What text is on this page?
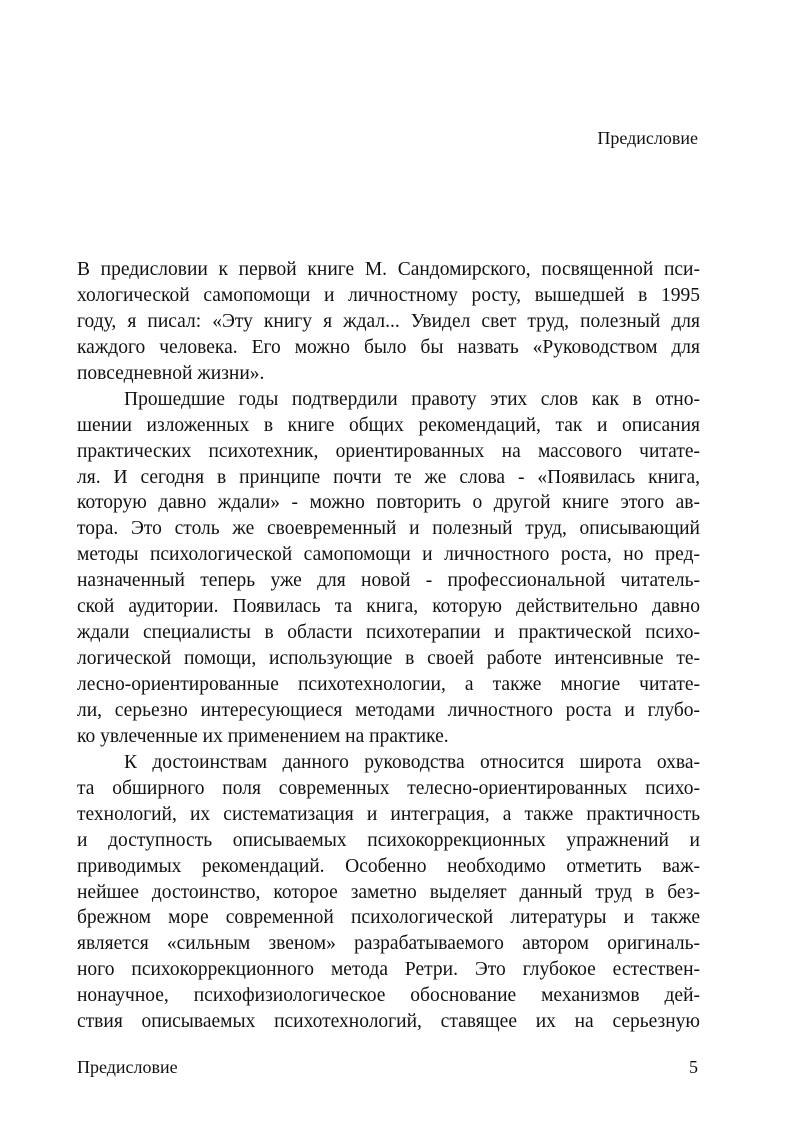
Предисловие
В предисловии к первой книге М. Сандомирского, посвященной пси-
хологической самопомощи и личностному росту, вышедшей в 1995
году, я писал: «Эту книгу я ждал... Увидел свет труд, полезный для
каждого человека. Его можно было бы назвать «Руководством для
повседневной жизни».
Прошедшие годы подтвердили правоту этих слов как в отно-
шении изложенных в книге общих рекомендаций, так и описания
практических психотехник, ориентированных на массового читате-
ля. И сегодня в принципе почти те же слова - «Появилась книга,
которую давно ждали» - можно повторить о другой книге этого ав-
тора. Это столь же своевременный и полезный труд, описывающий
методы психологической самопомощи и личностного роста, но пред-
назначенный теперь уже для новой - профессиональной читатель-
ской аудитории. Появилась та книга, которую действительно давно
ждали специалисты в области психотерапии и практической психо-
логической помощи, использующие в своей работе интенсивные те-
лесно-ориентированные психотехнологии, а также многие читате-
ли, серьезно интересующиеся методами личностного роста и глубо-
ко увлеченные их применением на практике.
К достоинствам данного руководства относится широта охва-
та обширного поля современных телесно-ориентированных психо-
технологий, их систематизация и интеграция, а также практичность
и доступность описываемых психокоррекционных упражнений и
приводимых рекомендаций. Особенно необходимо отметить важ-
нейшее достоинство, которое заметно выделяет данный труд в без-
брежном море современной психологической литературы и также
является «сильным звеном» разрабатываемого автором оригиналь-
ного психокоррекционного метода Ретри. Это глубокое естествен-
нонаучное, психофизиологическое обоснование механизмов дей-
ствия описываемых психотехнологий, ставящее их на серьезную
Предисловие	5
